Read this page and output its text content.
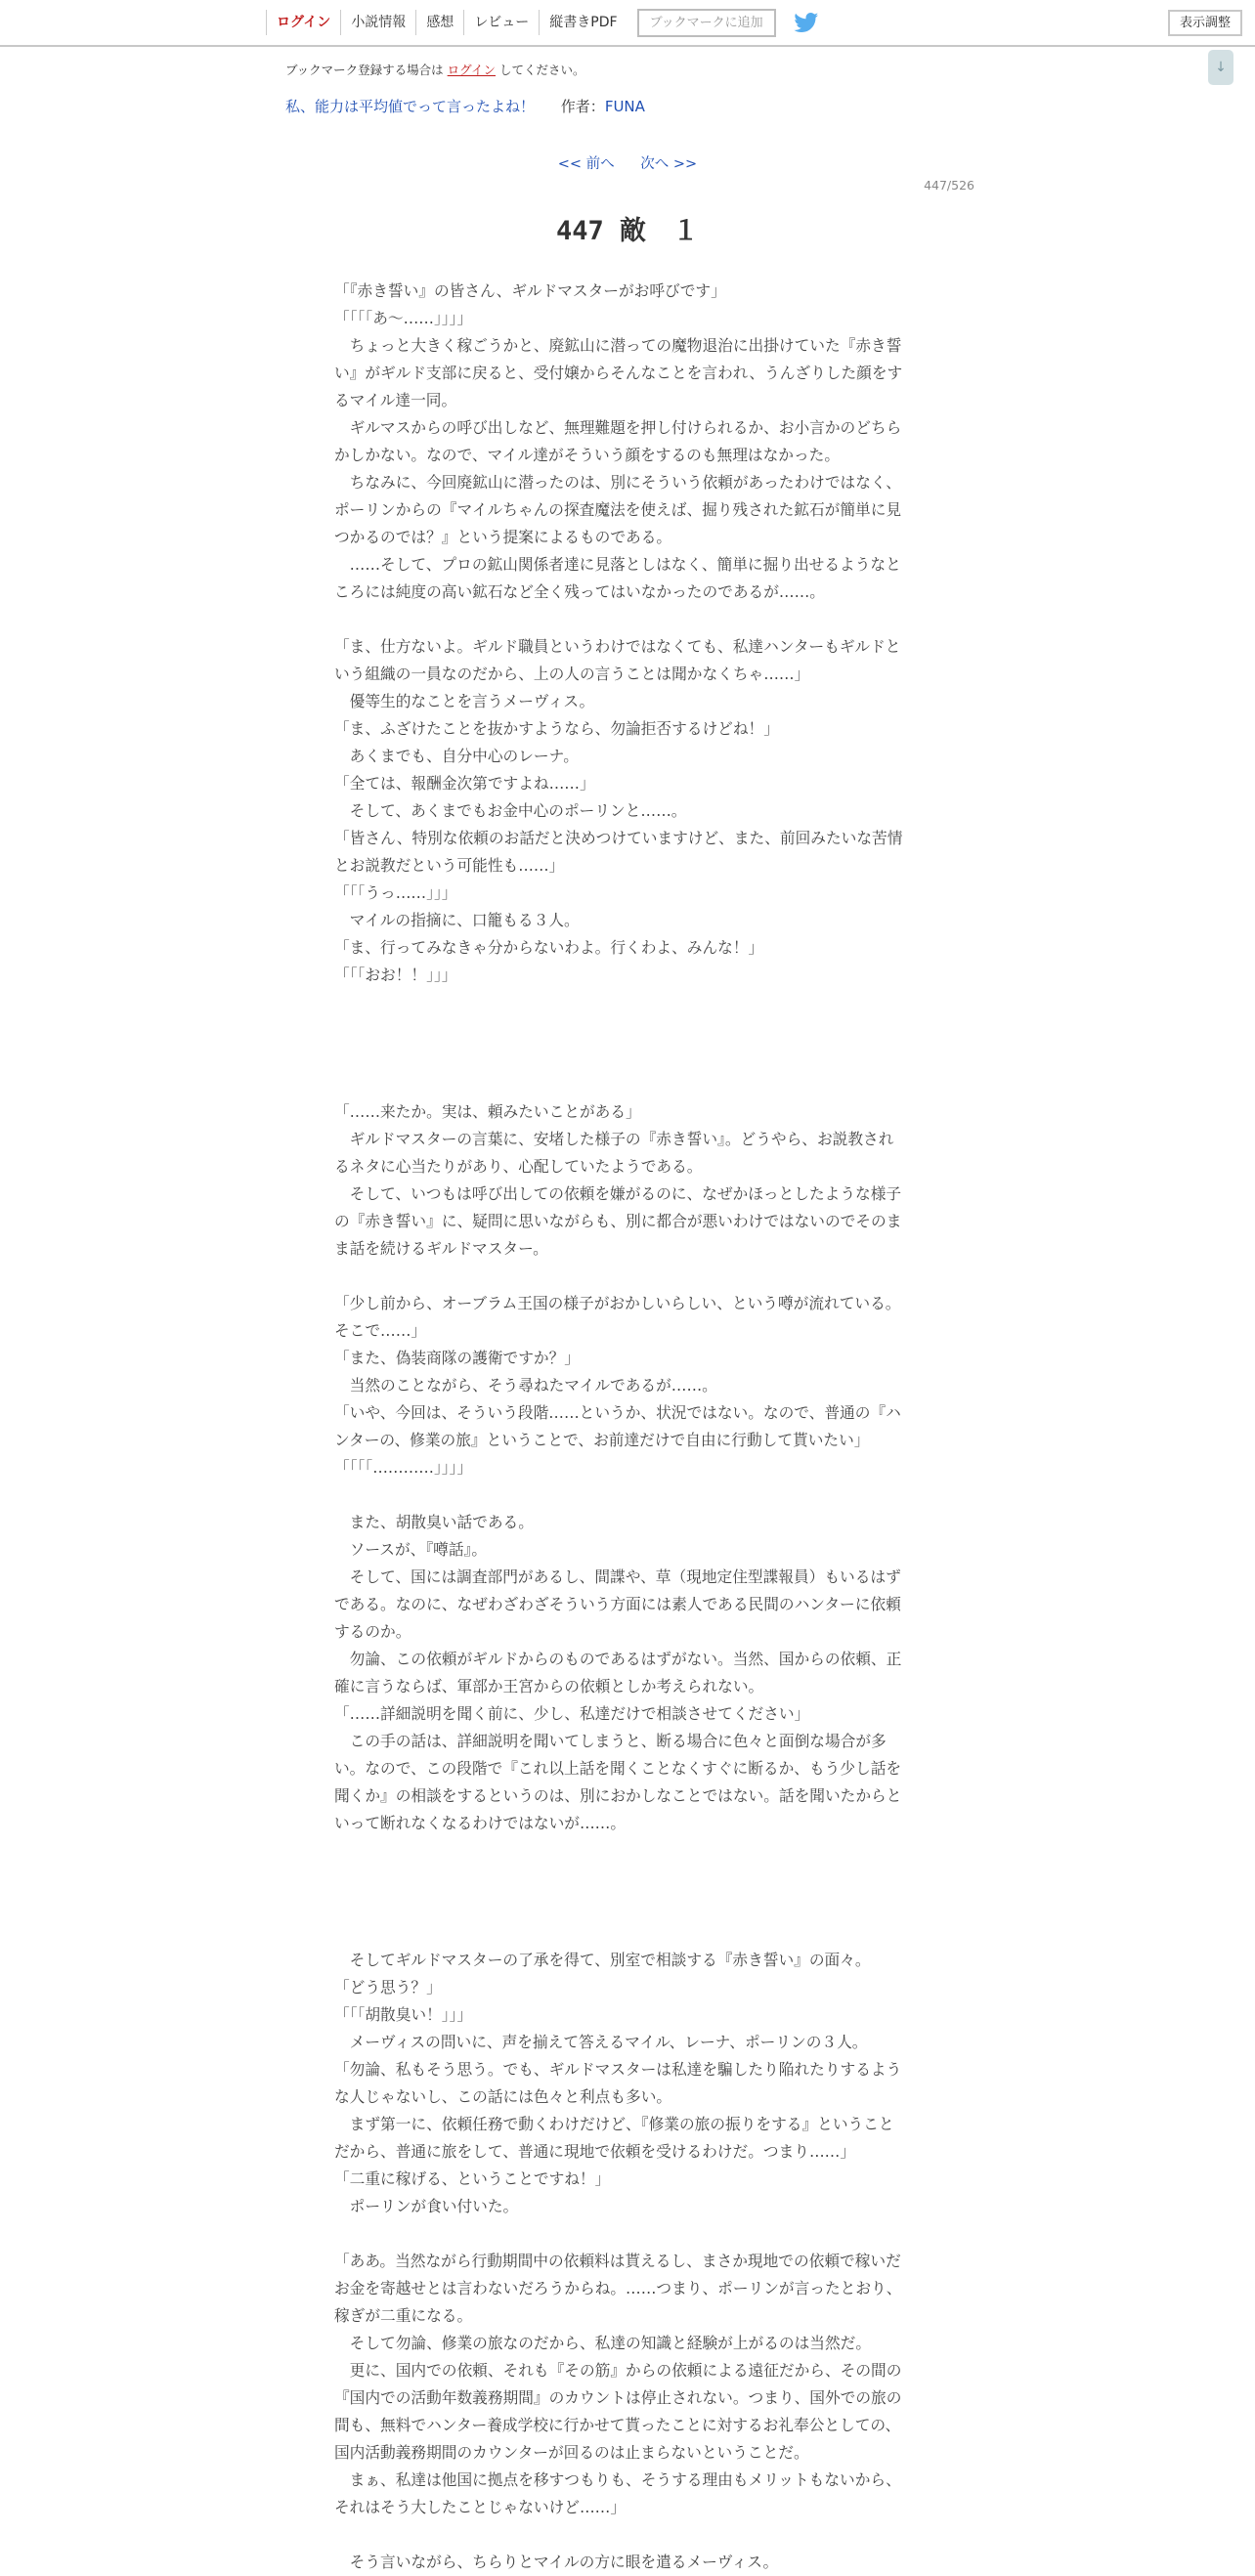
ログイン	小説情報	感想	レビュー	縦書きPDF	ブックマークに追加	表示調整
↓
ブックマーク登録する場合は ログイン してください。
私、能力は平均値でって言ったよね！ 作者：FUNA
<< 前へ 次へ >>
447/526
447 敵　１
「『赤き誓い』の皆さん、ギルドマスターがお呼びです」
「「「「あ～……」」」」
　ちょっと大きく稼ごうかと、廃鉱山に潜っての魔物退治に出掛けていた『赤き誓
い』がギルド支部に戻ると、受付嬢からそんなことを言われ、うんざりした顔をす
るマイル達一同。
　ギルマスからの呼び出しなど、無理難題を押し付けられるか、お小言かのどちら
かしかない。なので、マイル達がそういう顔をするのも無理はなかった。
　ちなみに、今回廃鉱山に潜ったのは、別にそういう依頼があったわけではなく、
ポーリンからの『マイルちゃんの探査魔法を使えば、掘り残された鉱石が簡単に見
つかるのでは？』という提案によるものである。
　……そして、プロの鉱山関係者達に見落としはなく、簡単に掘り出せるようなと
ころには純度の高い鉱石など全く残ってはいなかったのであるが……。
「ま、仕方ないよ。ギルド職員というわけではなくても、私達ハンターもギルドと
いう組織の一員なのだから、上の人の言うことは聞かなくちゃ……」
　優等生的なことを言うメーヴィス。
「ま、ふざけたことを抜かすようなら、勿論拒否するけどね！」
　あくまでも、自分中心のレーナ。
「全ては、報酬金次第ですよね……」
　そして、あくまでもお金中心のポーリンと……。
「皆さん、特別な依頼のお話だと決めつけていますけど、また、前回みたいな苦情
とお説教だという可能性も……」
「「「うっ……」」」
　マイルの指摘に、口籠もる３人。
「ま、行ってみなきゃ分からないわよ。行くわよ、みんな！」
「「「おお！！」」」
「……来たか。実は、頼みたいことがある」
　ギルドマスターの言葉に、安堵した様子の『赤き誓い』。どうやら、お説教され
るネタに心当たりがあり、心配していたようである。
　そして、いつもは呼び出しての依頼を嫌がるのに、なぜかほっとしたような様子
の『赤き誓い』に、疑問に思いながらも、別に都合が悪いわけではないのでそのま
ま話を続けるギルドマスター。
「少し前から、オーブラム王国の様子がおかしいらしい、という噂が流れている。
そこで……」
「また、偽装商隊の護衛ですか？」
　当然のことながら、そう尋ねたマイルであるが……。
「いや、今回は、そういう段階……というか、状況ではない。なので、普通の『ハ
ンターの、修業の旅』ということで、お前達だけで自由に行動して貰いたい」
「「「「…………」」」」
　また、胡散臭い話である。
　ソースが、『噂話』。
　そして、国には調査部門があるし、間諜や、草（現地定住型諜報員）もいるはず
である。なのに、なぜわざわざそういう方面には素人である民間のハンターに依頼
するのか。
　勿論、この依頼がギルドからのものであるはずがない。当然、国からの依頼、正
確に言うならば、軍部か王宮からの依頼としか考えられない。
「……詳細説明を聞く前に、少し、私達だけで相談させてください」
　この手の話は、詳細説明を聞いてしまうと、断る場合に色々と面倒な場合が多
い。なので、この段階で『これ以上話を聞くことなくすぐに断るか、もう少し話を
聞くか』の相談をするというのは、別におかしなことではない。話を聞いたからと
いって断れなくなるわけではないが……。
　そしてギルドマスターの了承を得て、別室で相談する『赤き誓い』の面々。
「どう思う？」
「「「胡散臭い！」」」
　メーヴィスの問いに、声を揃えて答えるマイル、レーナ、ポーリンの３人。
「勿論、私もそう思う。でも、ギルドマスターは私達を騙したり陥れたりするよう
な人じゃないし、この話には色々と利点も多い。
　まず第一に、依頼任務で動くわけだけど、『修業の旅の振りをする』ということ
だから、普通に旅をして、普通に現地で依頼を受けるわけだ。つまり……」
「二重に稼げる、ということですね！」
　ポーリンが食い付いた。
「ああ。当然ながら行動期間中の依頼料は貰えるし、まさか現地での依頼で稼いだ
お金を寄越せとは言わないだろうからね。……つまり、ポーリンが言ったとおり、
稼ぎが二重になる。
　そして勿論、修業の旅なのだから、私達の知識と経験が上がるのは当然だ。
　更に、国内での依頼、それも『その筋』からの依頼による遠征だから、その間の
『国内での活動年数義務期間』のカウントは停止されない。つまり、国外での旅の
間も、無料でハンター養成学校に行かせて貰ったことに対するお礼奉公としての、
国内活動義務期間のカウンターが回るのは止まらないということだ。
　まぁ、私達は他国に拠点を移すつもりも、そうする理由もメリットもないから、
それはそう大したことじゃないけど……」
　そう言いながら、ちらりとマイルの方に眼を遣るメーヴィス。
